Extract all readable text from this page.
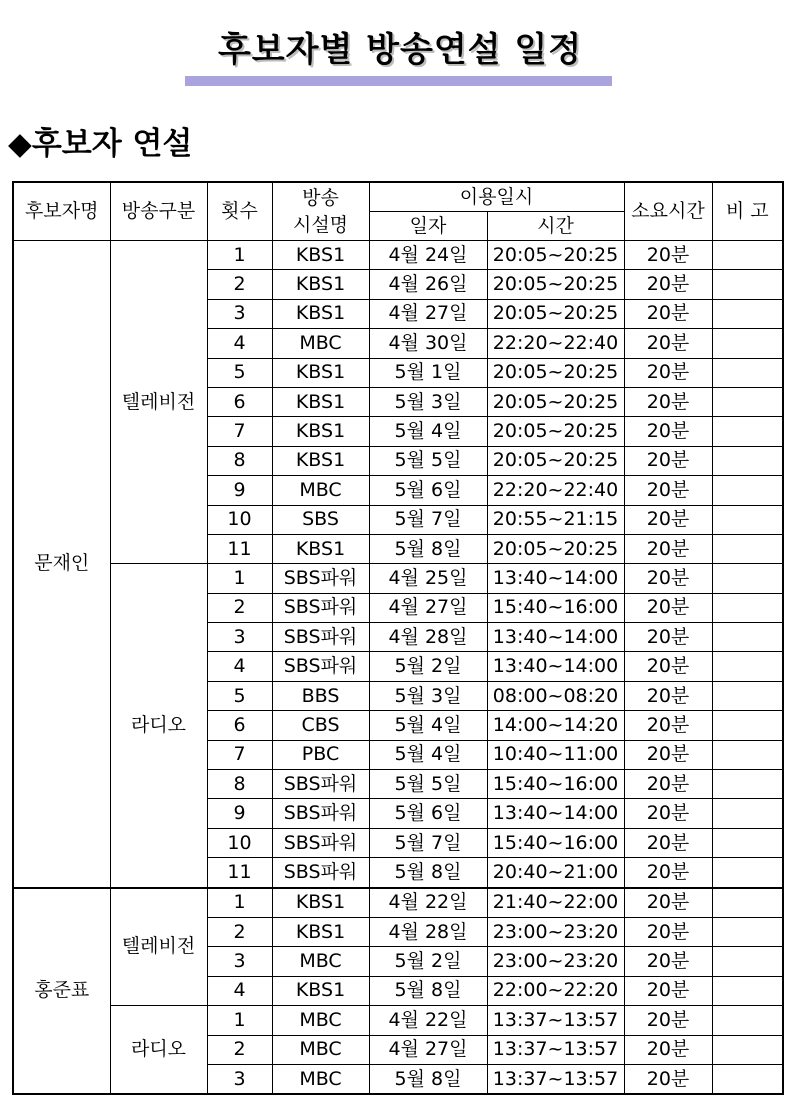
후보자별 방송연설 일정
◆후보자 연설
후보자명	방송구분	횟수	방송
시설명	이용일시		소요시간	비 고
				일자	시간		
문재인	텔레비전	1	KBS1	4월 24일	20:05~20:25	20분	
		2	KBS1	4월 26일	20:05~20:25	20분	
		3	KBS1	4월 27일	20:05~20:25	20분	
		4	MBC	4월 30일	22:20~22:40	20분	
		5	KBS1	5월 1일	20:05~20:25	20분	
		6	KBS1	5월 3일	20:05~20:25	20분	
		7	KBS1	5월 4일	20:05~20:25	20분	
		8	KBS1	5월 5일	20:05~20:25	20분	
		9	MBC	5월 6일	22:20~22:40	20분	
		10	SBS	5월 7일	20:55~21:15	20분	
		11	KBS1	5월 8일	20:05~20:25	20분	
	라디오	1	SBS파워	4월 25일	13:40~14:00	20분	
		2	SBS파워	4월 27일	15:40~16:00	20분	
		3	SBS파워	4월 28일	13:40~14:00	20분	
		4	SBS파워	5월 2일	13:40~14:00	20분	
		5	BBS	5월 3일	08:00~08:20	20분	
		6	CBS	5월 4일	14:00~14:20	20분	
		7	PBC	5월 4일	10:40~11:00	20분	
		8	SBS파워	5월 5일	15:40~16:00	20분	
		9	SBS파워	5월 6일	13:40~14:00	20분	
		10	SBS파워	5월 7일	15:40~16:00	20분	
		11	SBS파워	5월 8일	20:40~21:00	20분	
홍준표	텔레비전	1	KBS1	4월 22일	21:40~22:00	20분	
		2	KBS1	4월 28일	23:00~23:20	20분	
		3	MBC	5월 2일	23:00~23:20	20분	
		4	KBS1	5월 8일	22:00~22:20	20분	
	라디오	1	MBC	4월 22일	13:37~13:57	20분	
		2	MBC	4월 27일	13:37~13:57	20분	
		3	MBC	5월 8일	13:37~13:57	20분	
